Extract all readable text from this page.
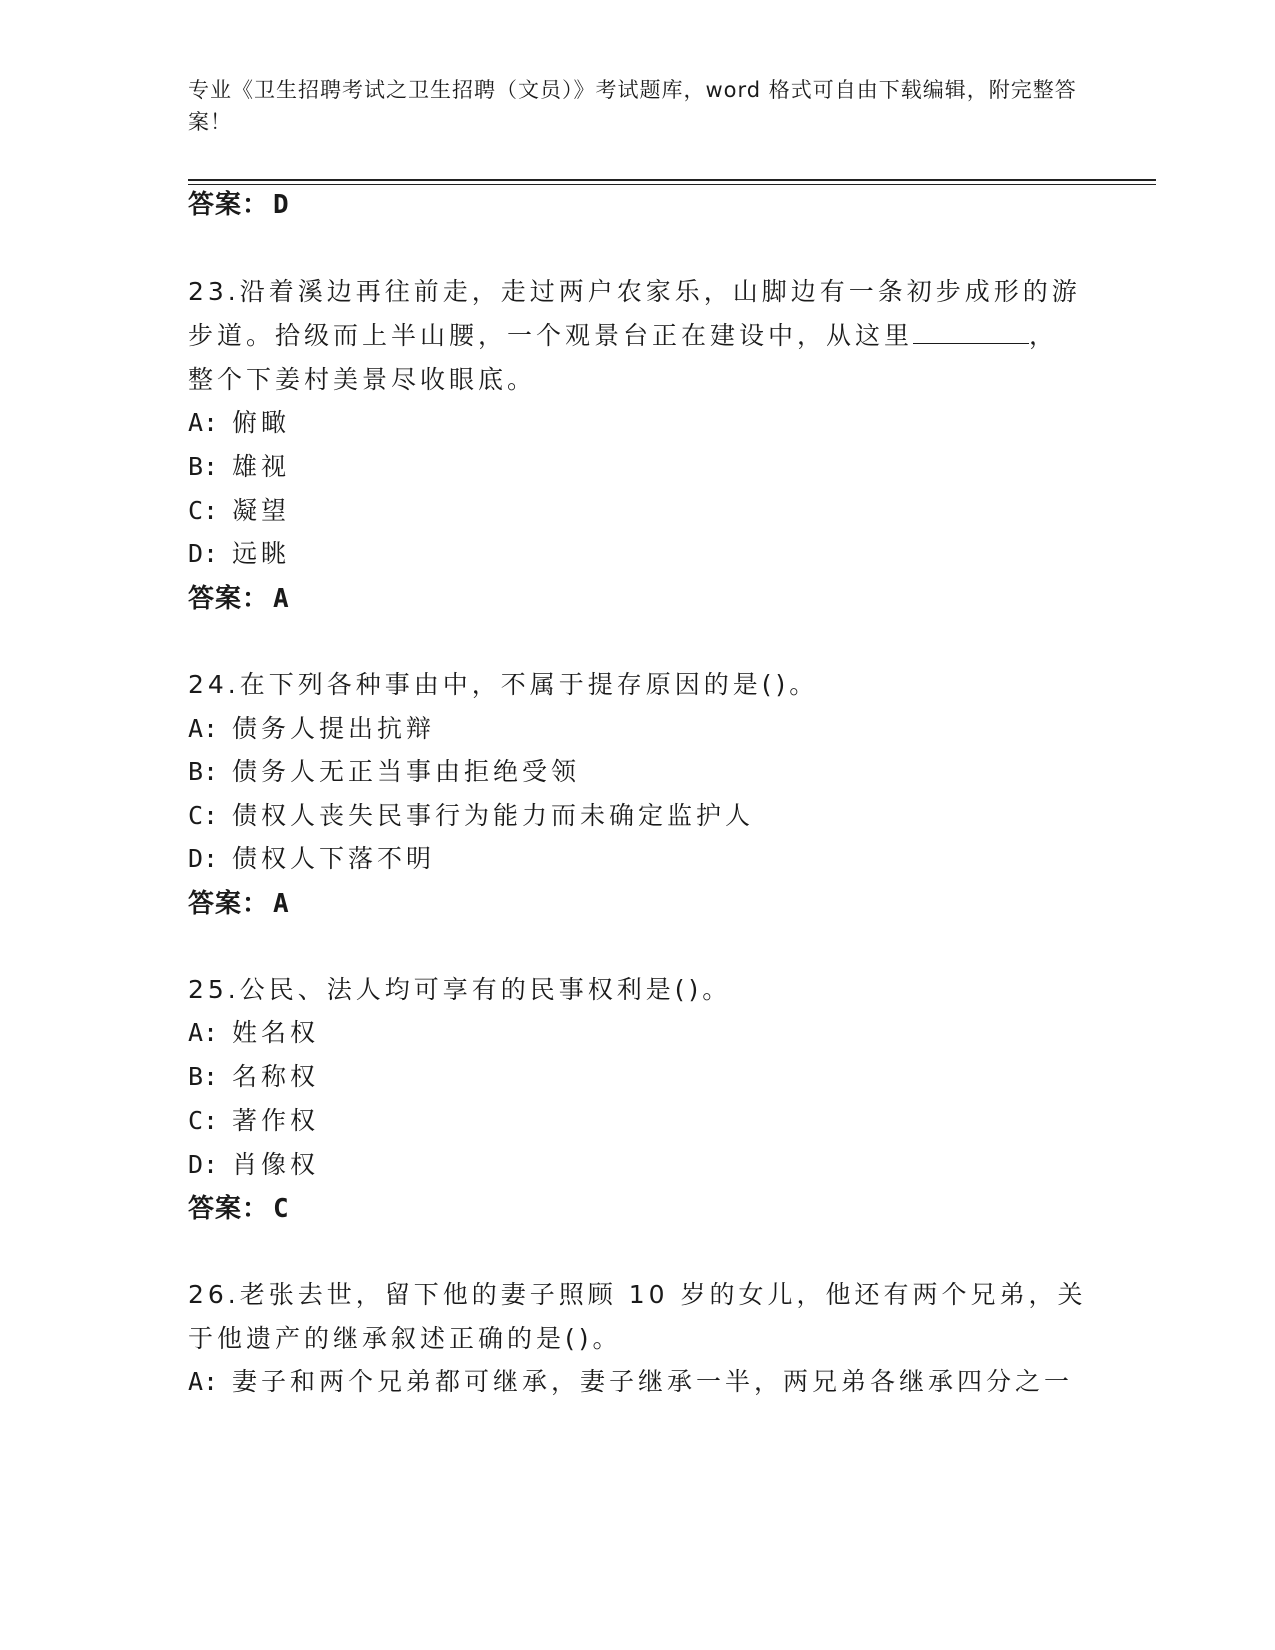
专业《卫生招聘考试之卫生招聘（文员）》考试题库，word 格式可自由下载编辑，附完整答案！
答案： D
23.沿着溪边再往前走，走过两户农家乐，山脚边有一条初步成形的游
步道。拾级而上半山腰，一个观景台正在建设中，从这里	，
整个下姜村美景尽收眼底。
A: 俯瞰
B: 雄视
C: 凝望
D: 远眺
答案： A
24.在下列各种事由中，不属于提存原因的是()。
A: 债务人提出抗辩
B: 债务人无正当事由拒绝受领
C: 债权人丧失民事行为能力而未确定监护人
D: 债权人下落不明
答案： A
25.公民、法人均可享有的民事权利是()。
A: 姓名权
B: 名称权
C: 著作权
D: 肖像权
答案： C
26.老张去世，留下他的妻子照顾 10 岁的女儿，他还有两个兄弟，关
于他遗产的继承叙述正确的是()。
A: 妻子和两个兄弟都可继承，妻子继承一半，两兄弟各继承四分之一
